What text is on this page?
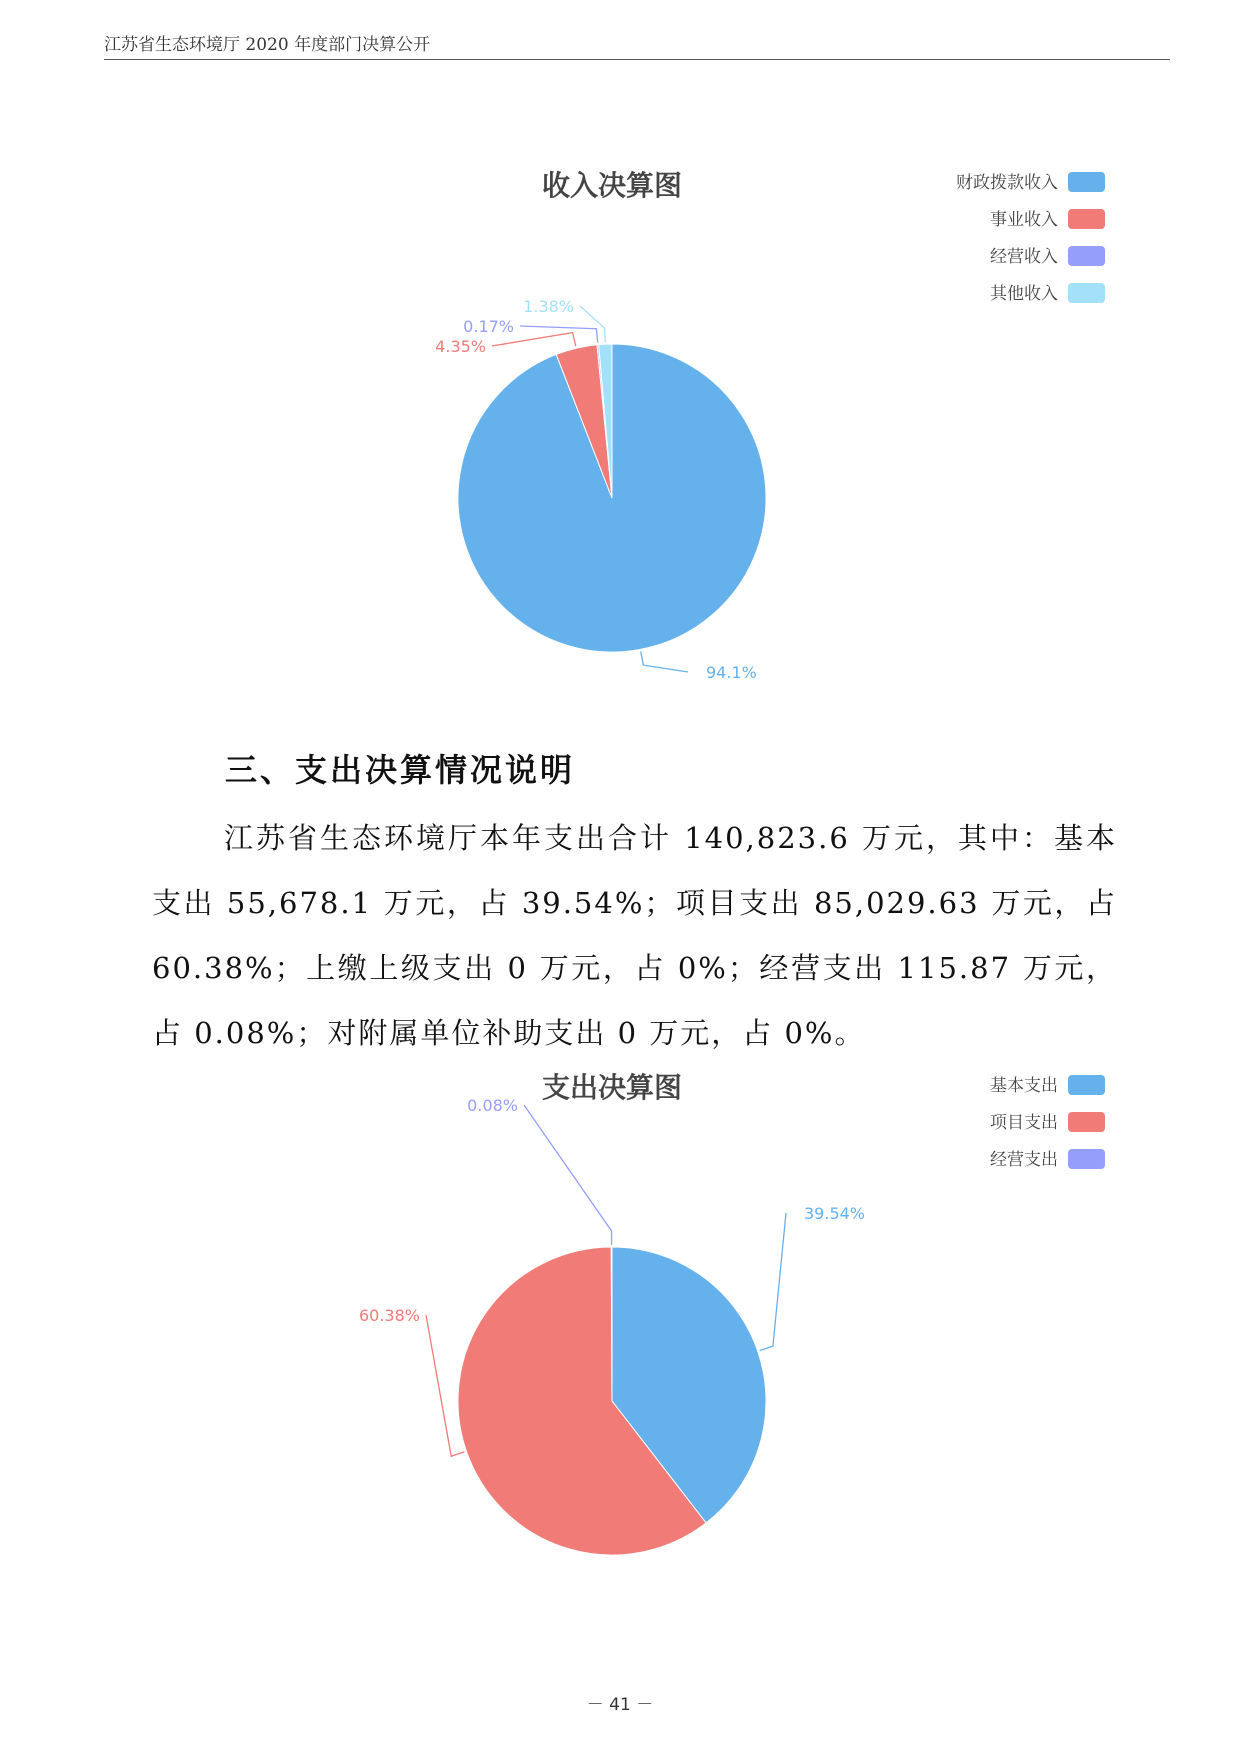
江苏省生态环境厅 2020 年度部门决算公开
收入决算图	财政拨款收入
事业收入
经营收入
其他收入
94.1%
4.35%
0.17%
1.38%
三、支出决算情况说明

江苏省生态环境厅本年支出合计 140,823.6 万元，其中：基本支出 55,678.1 万元，占 39.54%；项目支出 85,029.63 万元，占 60.38%；上缴上级支出 0 万元，占 0%；经营支出 115.87 万元，占 0.08%；对附属单位补助支出 0 万元，占 0%。

支出决算图	基本支出
项目支出
经营支出
39.54%
60.38%
0.08%
－ 41 －
